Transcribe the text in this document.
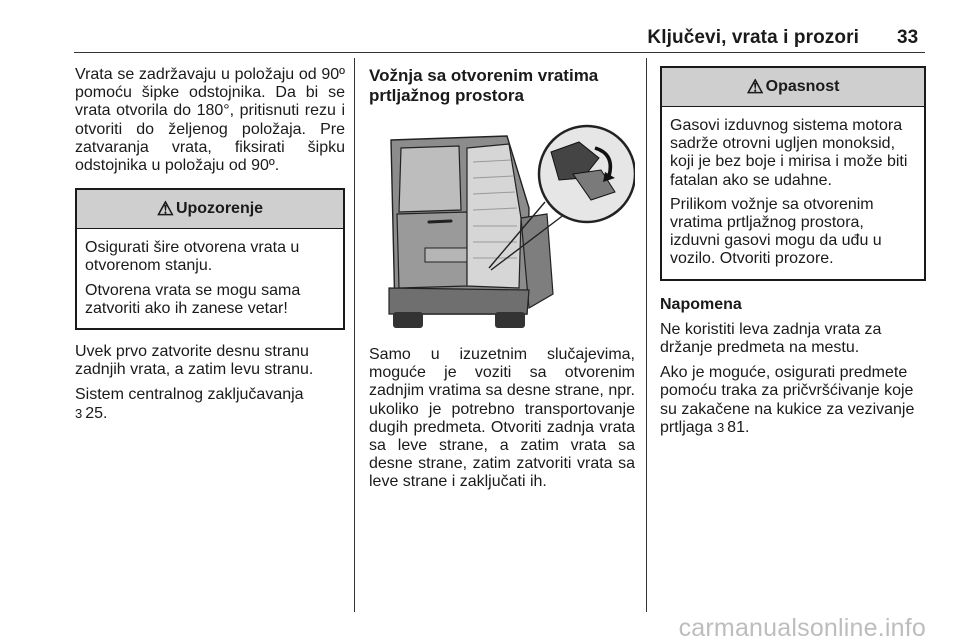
Ključevi, vrata i prozori 33

Vrata se zadržavaju u položaju od 90º pomoću šipke odstojnika. Da bi se vrata otvorila do 180°, pritisnuti rezu i otvoriti do željenog položaja. Pre zatvaranja vrata, fiksirati šipku odstojnika u položaju od 90º.

⚠ Upozorenje

Osigurati šire otvorena vrata u otvorenom stanju.

Otvorena vrata se mogu sama zatvoriti ako ih zanese vetar!

Uvek prvo zatvorite desnu stranu zadnjih vrata, a zatim levu stranu.

Sistem centralnog zaključavanja
3 25.

Vožnja sa otvorenim vratima prtljažnog prostora

Samo u izuzetnim slučajevima, moguće je voziti sa otvorenim zadnjim vratima sa desne strane, npr. ukoliko je potrebno transportovanje dugih predmeta. Otvoriti zadnja vrata sa leve strane, a zatim vrata sa desne strane, zatim zatvoriti vrata sa leve strane i zaključati ih.

⚠ Opasnost

Gasovi izduvnog sistema motora sadrže otrovni ugljen monoksid, koji je bez boje i mirisa i može biti fatalan ako se udahne.

Prilikom vožnje sa otvorenim vratima prtljažnog prostora, izduvni gasovi mogu da uđu u vozilo. Otvoriti prozore.

Napomena

Ne koristiti leva zadnja vrata za držanje predmeta na mestu.

Ako je moguće, osigurati predmete pomoću traka za pričvršćivanje koje su zakačene na kukice za vezivanje prtljaga 3 81.

carmanualsonline.info
